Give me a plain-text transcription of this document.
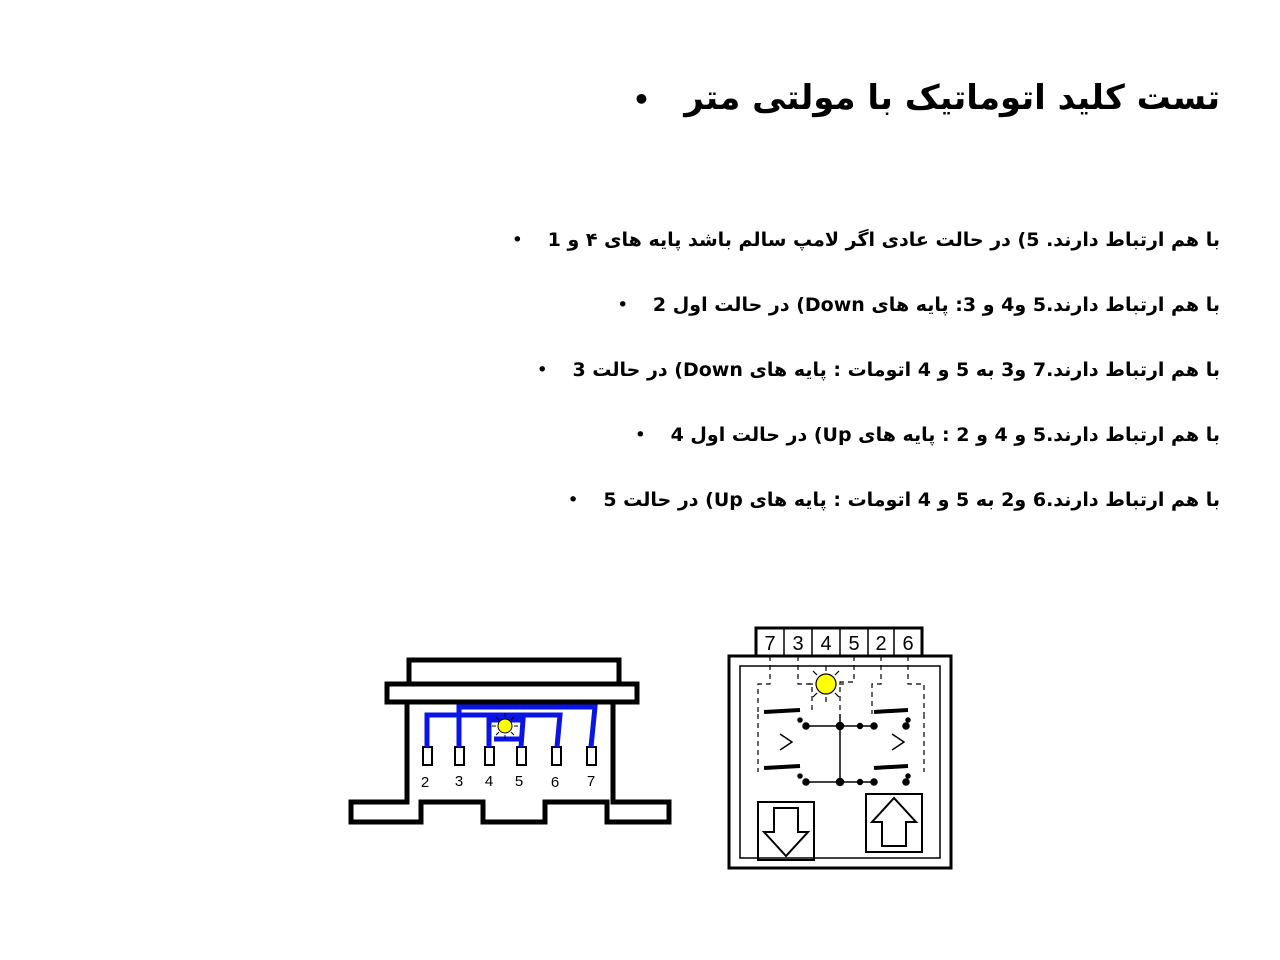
تست کلید اتوماتیک با مولتی متر •
با هم ارتباط دارند. 5) در حالت عادی اگر لامپ سالم باشد پایه های ۴ و 1 •
با هم ارتباط دارند.5 و4 و 3: پایه های Down) در حالت اول 2 •
با هم ارتباط دارند.7 و3 به 5 و 4 اتومات : پایه های Down) در حالت 3 •
با هم ارتباط دارند.5 و 4 و 2 : پایه های Up) در حالت اول 4 •
با هم ارتباط دارند.6 و2 به 5 و 4 اتومات : پایه های Up) در حالت 5 •
2 3 4 5 6 7
7 3 4 5 2 6
